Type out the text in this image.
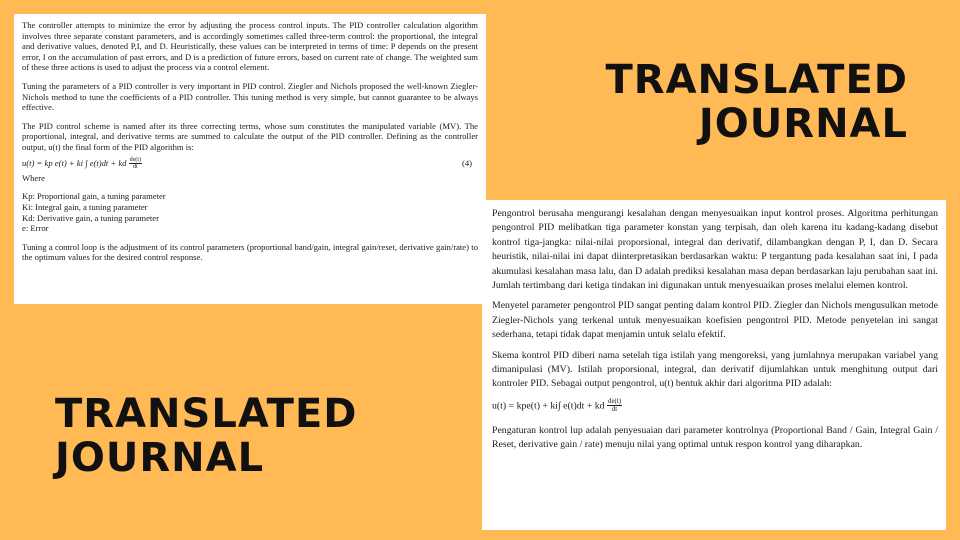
The controller attempts to minimize the error by adjusting the process control inputs. The PID controller calculation algorithm involves three separate constant parameters, and is accordingly sometimes called three-term control: the proportional, the integral and derivative values, denoted P,I, and D. Heuristically, these values can be interpreted in terms of time: P depends on the present error, I on the accumulation of past errors, and D is a prediction of future errors, based on current rate of change. The weighted sum of these three actions is used to adjust the process via a control element.

Tuning the parameters of a PID controller is very important in PID control. Ziegler and Nichols proposed the well-known Ziegler-Nichols method to tune the coefficients of a PID controller. This tuning method is very simple, but cannot guarantee to be always effective.

The PID control scheme is named after its three correcting terms, whose sum constitutes the manipulated variable (MV). The proportional, integral, and derivative terms are summed to calculate the output of the PID controller. Defining as the controller output, u(t) the final form of the PID algorithm is:

u(t) = kp e(t) + ki ∫ e(t)dt + kd $\frac{de(t)}{dt}$	(4)

Where

Kp: Proportional gain, a tuning parameter

Ki: Integral gain, a tuning parameter

Kd: Derivative gain, a tuning parameter

e: Error

Tuning a control loop is the adjustment of its control parameters (proportional band/gain, integral gain/reset, derivative gain/rate) to the optimum values for the desired control response.

TRANSLATED
JOURNAL

Pengontrol berusaha mengurangi kesalahan dengan menyesuaikan input kontrol proses. Algoritma perhitungan pengontrol PID melibatkan tiga parameter konstan yang terpisah, dan oleh karena itu kadang-kadang disebut kontrol tiga-jangka: nilai-nilai proporsional, integral dan derivatif, dilambangkan dengan P, I, dan D. Secara heuristik, nilai-nilai ini dapat diinterpretasikan berdasarkan waktu: P tergantung pada kesalahan saat ini, I pada akumulasi kesalahan masa lalu, dan D adalah prediksi kesalahan masa depan berdasarkan laju perubahan saat ini. Jumlah tertimbang dari ketiga tindakan ini digunakan untuk menyesuaikan proses melalui elemen kontrol.

Menyetel parameter pengontrol PID sangat penting dalam kontrol PID. Ziegler dan Nichols mengusulkan metode Ziegler-Nichols yang terkenal untuk menyesuaikan koefisien pengontrol PID. Metode penyetelan ini sangat sederhana, tetapi tidak dapat menjamin untuk selalu efektif.

Skema kontrol PID diberi nama setelah tiga istilah yang mengoreksi, yang jumlahnya merupakan variabel yang dimanipulasi (MV). Istilah proporsional, integral, dan derivatif dijumlahkan untuk menghitung output dari kontroler PID. Sebagai output pengontrol, u(t) bentuk akhir dari algoritma PID adalah:

u(t) = kpe(t) + ki∫ e(t)dt + kd $\frac{de(t)}{dt}$

Pengaturan kontrol lup adalah penyesuaian dari parameter kontrolnya (Proportional Band / Gain, Integral Gain / Reset, derivative gain / rate) menuju nilai yang optimal untuk respon kontrol yang diharapkan.

TRANSLATED
JOURNAL
